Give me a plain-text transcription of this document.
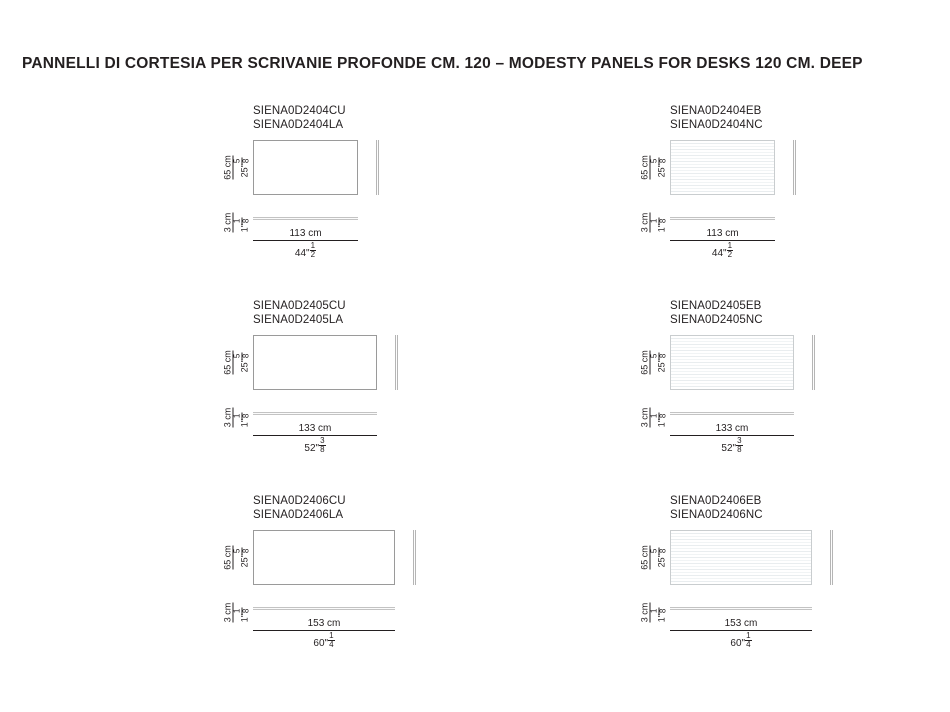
PANNELLI DI CORTESIA PER SCRIVANIE PROFONDE CM. 120 – MODESTY PANELS FOR DESKS 120 CM. DEEP
SIENA0D2404CU
SIENA0D2404LA
65 cm 25"
5 8
3 cm 1"
1 8
113 cm
44" $\frac{1}{2}$
SIENA0D2404EB
SIENA0D2404NC
65 cm 25"
5 8
3 cm 1"
1 8
113 cm
44" $\frac{1}{2}$
SIENA0D2405CU
SIENA0D2405LA
65 cm 25"
5 8
3 cm 1"
1 8
133 cm
52" $\frac{3}{8}$
SIENA0D2405EB
SIENA0D2405NC
65 cm 25"
5 8
3 cm 1"
1 8
133 cm
52" $\frac{3}{8}$
SIENA0D2406CU
SIENA0D2406LA
65 cm 25"
5 8
3 cm 1"
1 8
153 cm
60" $\frac{1}{4}$
SIENA0D2406EB
SIENA0D2406NC
65 cm 25"
5 8
3 cm 1"
1 8
153 cm
60" $\frac{1}{4}$
